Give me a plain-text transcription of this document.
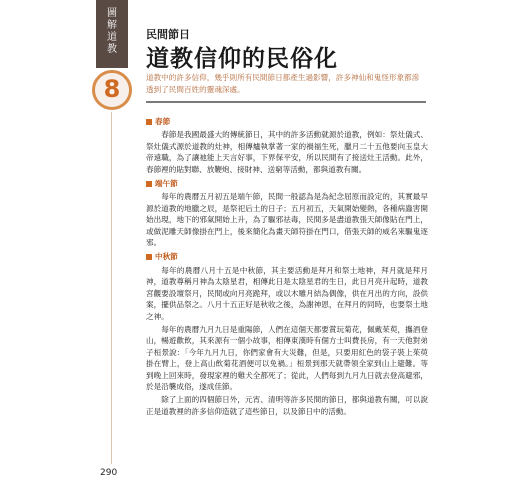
圖
解
道
教
8
民間節日
道教信仰的民俗化
道教中的許多信仰，幾乎則所有民間節日都產生過影響，許多神仙和鬼怪形象都滲透到了民間百姓的靈魂深處。
春節

春節是我國最盛大的傳統節日，其中的許多活動就源於道教，例如：祭灶儀式、祭灶儀式源於道教的灶神，相傳爐執掌著一家的禍福生死，臘月二十五他要向玉皇大帝遠職，為了讓祂能上天言好事，下界保平安，所以民間有了接送灶王活動。此外，春節裡的貼對聯、放鞭炮、接財神、送窮等活動，都與道教有關。

端午節

每年的農曆五月初五是端午節，民間一般認為是為紀念屈原而設定的，其實最早源於道教的地臘之辰，是祭祀后土的日子；五月初五，天氣開始變熱，各種病蟲害開始出現，地下的邪氣開始上升，為了驅邪祛毒，民間多是盡道教張天師像貼在門上，或做泥雕天師像掛在門上，後來簡化為畫天師符掛在門口，借張天師的威名來驅鬼逐邪。

中秋節

每年的農曆八月十五是中秋節，其主要活動是拜月和祭土地神，拜月就是拜月神，道教尊稱月神為太陰星君，相傳此日是太陰星君的生日，此日月亮升起時，道教宮觀要設壇祭月，民間或向月亮跪拜，或以木雕月結為偶像，供在月出的方向，設供案，擺供品祭之。八月十五正好是秋收之後，為謝神恩，在拜月的同時，也要祭土地之神。

每年的農曆九月九日是重陽節，人們在這個天都要賞玩菊花，佩戴茱萸，攜酒登山，暢遊歡飲，其來源有一個小故事，相傳東漢時有個方士叫費長房，有一天他對弟子桓景說：「今年九月九日，你們家會有大災難，但是，只要用紅色的袋子裝上茱萸掛在臂上，登上高山飲菊花酒便可以免禍。」桓景到那天就帶領全家到山上避難。等到晚上回來時，發現家裡的雞犬全都死了；從此，人們每到九月九日就去登高避邪，於是沿襲成俗，遂成佳節。

除了上面的四個節日外，元宵、清明等許多民間的節日，都與道教有關，可以說正是道教裡的許多信仰造就了這些節日，以及節日中的活動。

290
